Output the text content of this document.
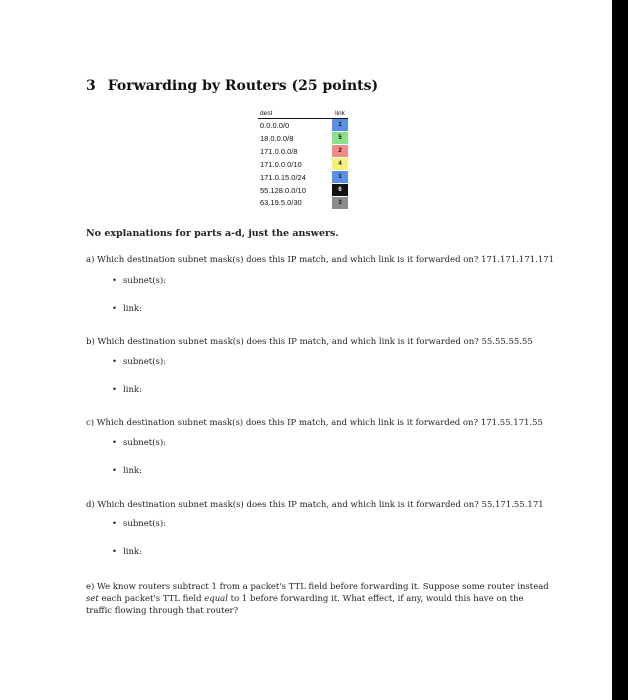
3 Forwarding by Routers (25 points)
dest	link
0.0.0.0/0	1
18.0.0.0/8	5
171.0.0.0/8	2
171.0.0.0/10	4
171.0.15.0/24	1
55.128.0.0/10	6
63.19.5.0/30	3
No explanations for parts a-d, just the answers.
a) Which destination subnet mask(s) does this IP match, and which link is it forwarded on? 171.171.171.171
• subnet(s):
• link:
b) Which destination subnet mask(s) does this IP match, and which link is it forwarded on? 55.55.55.55
• subnet(s):
• link:
c) Which destination subnet mask(s) does this IP match, and which link is it forwarded on? 171.55.171.55
• subnet(s):
• link:
d) Which destination subnet mask(s) does this IP match, and which link is it forwarded on? 55.171.55.171
• subnet(s):
• link:
e) We know routers subtract 1 from a packet's TTL field before forwarding it. Suppose some router instead
set each packet's TTL field equal to 1 before forwarding it. What effect, if any, would this have on the
traffic flowing through that router?
